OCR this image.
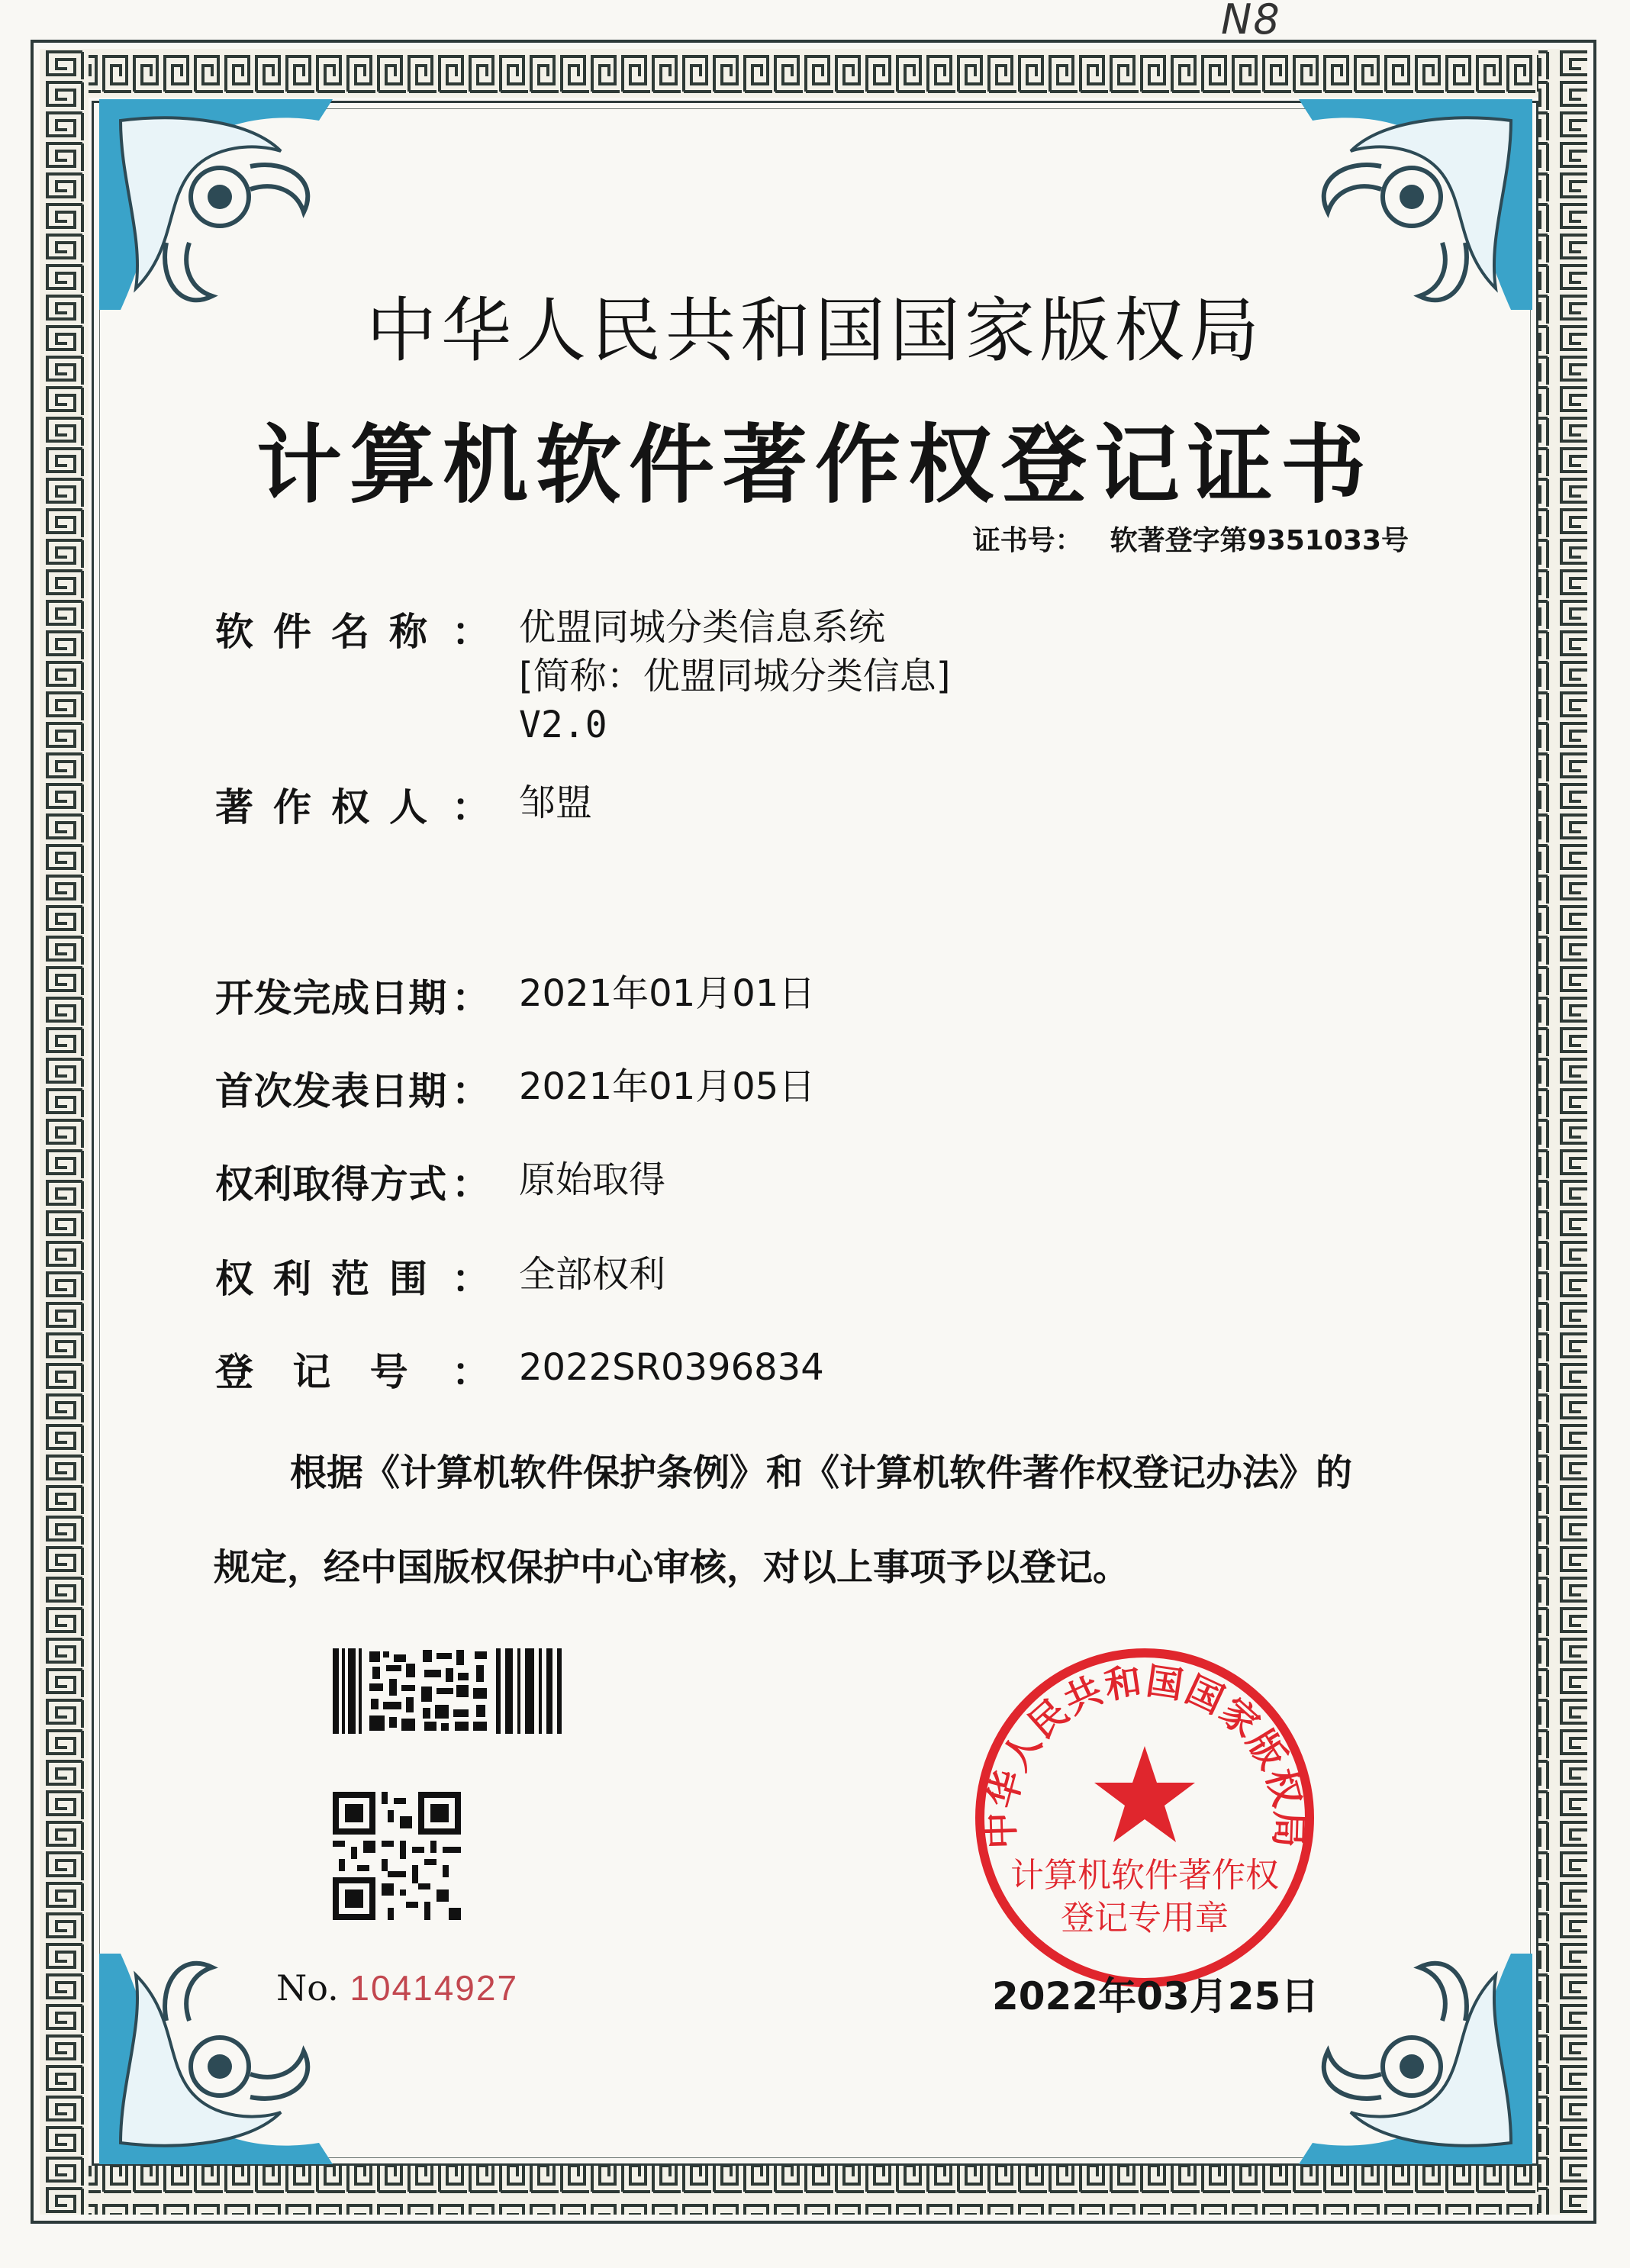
N8
中华人民共和国国家版权局
计算机软件著作权登记证书
证书号： 软著登字第9351033号
软 件 名 称 ： 优盟同城分类信息系统
[简称：优盟同城分类信息]
V2.0
著 作 权 人 ： 邹盟
开 发 完 成 日 期 ： 2021年01月01日
首 次 发 表 日 期 ： 2021年01月05日
权 利 取 得 方 式 ： 原始取得
权 利 范 围 ： 全部权利
登 记 号 ： 2022SR0396834
根据《计算机软件保护条例》和《计算机软件著作权登记办法》的
规定，经中国版权保护中心审核，对以上事项予以登记。
No. 10414927
中华人民共和国国家版权局
计算机软件著作权
登记专用章
2022年03月25日
